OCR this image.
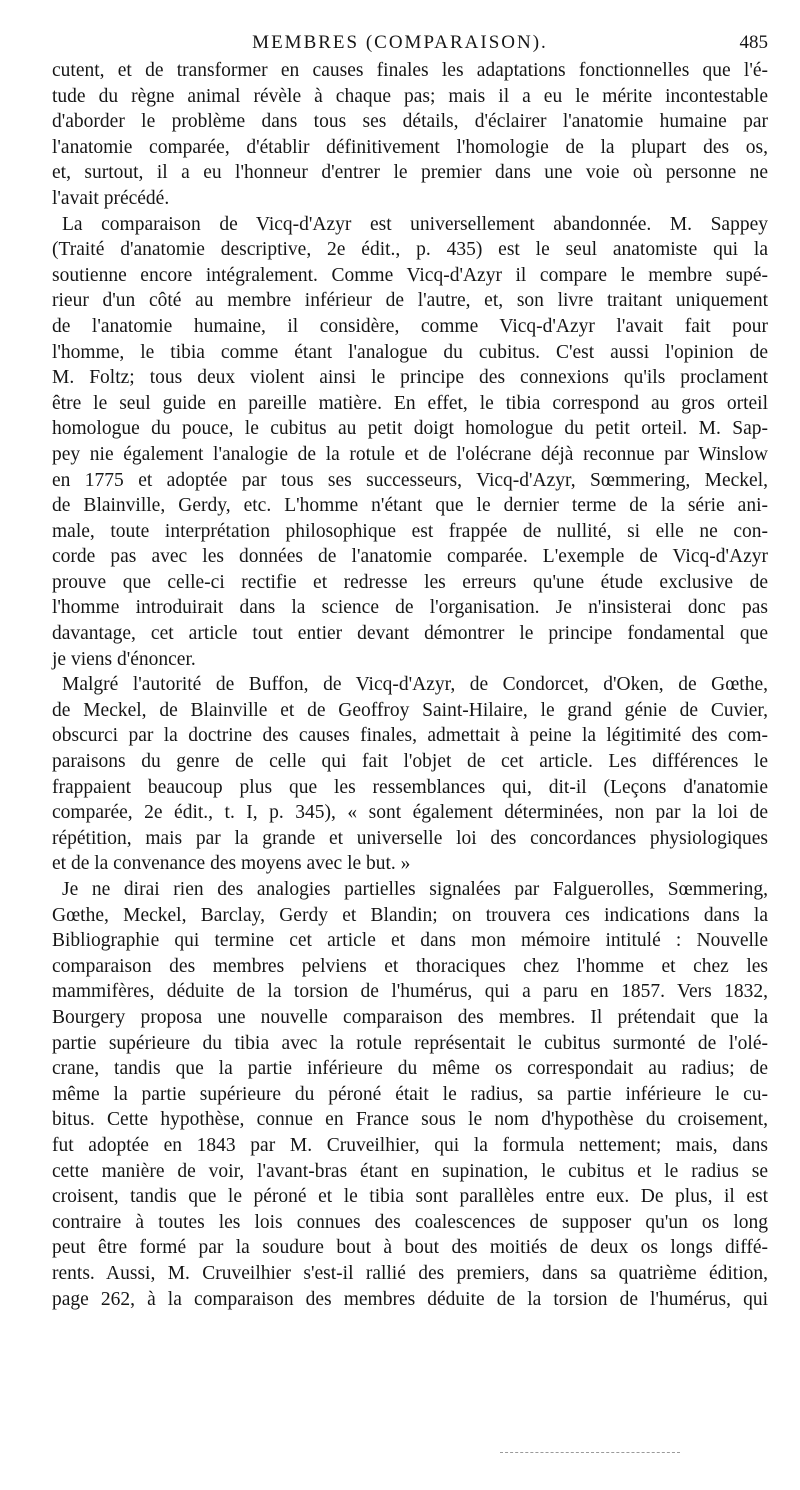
MEMBRES (COMPARAISON).	485
cutent, et de transformer en causes finales les adaptations fonctionnelles que l'é-
tude du règne animal révèle à chaque pas; mais il a eu le mérite incontestable
d'aborder le problème dans tous ses détails, d'éclairer l'anatomie humaine par
l'anatomie comparée, d'établir définitivement l'homologie de la plupart des os,
et, surtout, il a eu l'honneur d'entrer le premier dans une voie où personne ne
l'avait précédé.
La comparaison de Vicq-d'Azyr est universellement abandonnée. M. Sappey
(Traité d'anatomie descriptive, 2e édit., p. 435) est le seul anatomiste qui la
soutienne encore intégralement. Comme Vicq-d'Azyr il compare le membre supé-
rieur d'un côté au membre inférieur de l'autre, et, son livre traitant uniquement
de l'anatomie humaine, il considère, comme Vicq-d'Azyr l'avait fait pour
l'homme, le tibia comme étant l'analogue du cubitus. C'est aussi l'opinion de
M. Foltz; tous deux violent ainsi le principe des connexions qu'ils proclament
être le seul guide en pareille matière. En effet, le tibia correspond au gros orteil
homologue du pouce, le cubitus au petit doigt homologue du petit orteil. M. Sap-
pey nie également l'analogie de la rotule et de l'olécrane déjà reconnue par Winslow
en 1775 et adoptée par tous ses successeurs, Vicq-d'Azyr, Sœmmering, Meckel,
de Blainville, Gerdy, etc. L'homme n'étant que le dernier terme de la série ani-
male, toute interprétation philosophique est frappée de nullité, si elle ne con-
corde pas avec les données de l'anatomie comparée. L'exemple de Vicq-d'Azyr
prouve que celle-ci rectifie et redresse les erreurs qu'une étude exclusive de
l'homme introduirait dans la science de l'organisation. Je n'insisterai donc pas
davantage, cet article tout entier devant démontrer le principe fondamental que
je viens d'énoncer.
Malgré l'autorité de Buffon, de Vicq-d'Azyr, de Condorcet, d'Oken, de Gœthe,
de Meckel, de Blainville et de Geoffroy Saint-Hilaire, le grand génie de Cuvier,
obscurci par la doctrine des causes finales, admettait à peine la légitimité des com-
paraisons du genre de celle qui fait l'objet de cet article. Les différences le
frappaient beaucoup plus que les ressemblances qui, dit-il (Leçons d'anatomie
comparée, 2e édit., t. I, p. 345), « sont également déterminées, non par la loi de
répétition, mais par la grande et universelle loi des concordances physiologiques
et de la convenance des moyens avec le but. »
Je ne dirai rien des analogies partielles signalées par Falguerolles, Sœmmering,
Gœthe, Meckel, Barclay, Gerdy et Blandin; on trouvera ces indications dans la
Bibliographie qui termine cet article et dans mon mémoire intitulé : Nouvelle
comparaison des membres pelviens et thoraciques chez l'homme et chez les
mammifères, déduite de la torsion de l'humérus, qui a paru en 1857. Vers 1832,
Bourgery proposa une nouvelle comparaison des membres. Il prétendait que la
partie supérieure du tibia avec la rotule représentait le cubitus surmonté de l'olé-
crane, tandis que la partie inférieure du même os correspondait au radius; de
même la partie supérieure du péroné était le radius, sa partie inférieure le cu-
bitus. Cette hypothèse, connue en France sous le nom d'hypothèse du croisement,
fut adoptée en 1843 par M. Cruveilhier, qui la formula nettement; mais, dans
cette manière de voir, l'avant-bras étant en supination, le cubitus et le radius se
croisent, tandis que le péroné et le tibia sont parallèles entre eux. De plus, il est
contraire à toutes les lois connues des coalescences de supposer qu'un os long
peut être formé par la soudure bout à bout des moitiés de deux os longs diffé-
rents. Aussi, M. Cruveilhier s'est-il rallié des premiers, dans sa quatrième édition,
page 262, à la comparaison des membres déduite de la torsion de l'humérus, qui
